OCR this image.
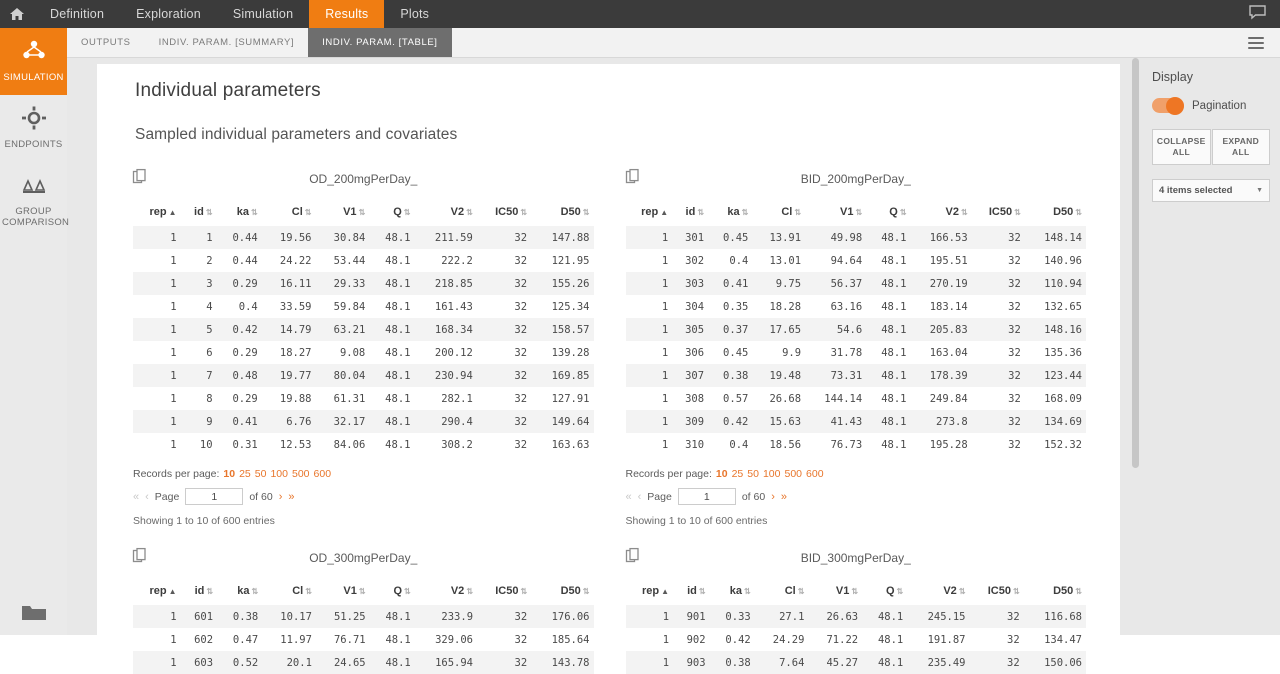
Definition	Exploration	Simulation	Results	Plots
SIMULATION
ENDPOINTS
GROUP COMPARISON
OUTPUTS	INDIV. PARAM. [SUMMARY]	INDIV. PARAM. [TABLE]
Individual parameters
Sampled individual parameters and covariates
OD_200mgPerDay_
rep ▲	id ⇅	ka ⇅	Cl ⇅	V1 ⇅	Q ⇅	V2 ⇅	IC50 ⇅	D50 ⇅
1	1	0.44	19.56	30.84	48.1	211.59	32	147.88
1	2	0.44	24.22	53.44	48.1	222.2	32	121.95
1	3	0.29	16.11	29.33	48.1	218.85	32	155.26
1	4	0.4	33.59	59.84	48.1	161.43	32	125.34
1	5	0.42	14.79	63.21	48.1	168.34	32	158.57
1	6	0.29	18.27	9.08	48.1	200.12	32	139.28
1	7	0.48	19.77	80.04	48.1	230.94	32	169.85
1	8	0.29	19.88	61.31	48.1	282.1	32	127.91
1	9	0.41	6.76	32.17	48.1	290.4	32	149.64
1	10	0.31	12.53	84.06	48.1	308.2	32	163.63
Records per page: 10 25 50 100 500 600
« ‹ Page
1	of 60 › »
Showing 1 to 10 of 600 entries
BID_200mgPerDay_
rep ▲	id ⇅	ka ⇅	Cl ⇅	V1 ⇅	Q ⇅	V2 ⇅	IC50 ⇅	D50 ⇅
1	301	0.45	13.91	49.98	48.1	166.53	32	148.14
1	302	0.4	13.01	94.64	48.1	195.51	32	140.96
1	303	0.41	9.75	56.37	48.1	270.19	32	110.94
1	304	0.35	18.28	63.16	48.1	183.14	32	132.65
1	305	0.37	17.65	54.6	48.1	205.83	32	148.16
1	306	0.45	9.9	31.78	48.1	163.04	32	135.36
1	307	0.38	19.48	73.31	48.1	178.39	32	123.44
1	308	0.57	26.68	144.14	48.1	249.84	32	168.09
1	309	0.42	15.63	41.43	48.1	273.8	32	134.69
1	310	0.4	18.56	76.73	48.1	195.28	32	152.32
Records per page: 10 25 50 100 500 600
« ‹ Page
1	of 60 › »
Showing 1 to 10 of 600 entries
OD_300mgPerDay_
rep ▲	id ⇅	ka ⇅	Cl ⇅	V1 ⇅	Q ⇅	V2 ⇅	IC50 ⇅	D50 ⇅
1	601	0.38	10.17	51.25	48.1	233.9	32	176.06
1	602	0.47	11.97	76.71	48.1	329.06	32	185.64
1	603	0.52	20.1	24.65	48.1	165.94	32	143.78
BID_300mgPerDay_
rep ▲	id ⇅	ka ⇅	Cl ⇅	V1 ⇅	Q ⇅	V2 ⇅	IC50 ⇅	D50 ⇅
1	901	0.33	27.1	26.63	48.1	245.15	32	116.68
1	902	0.42	24.29	71.22	48.1	191.87	32	134.47
1	903	0.38	7.64	45.27	48.1	235.49	32	150.06
Display
Pagination
COLLAPSE ALL
EXPAND ALL
4 items selected	▼
